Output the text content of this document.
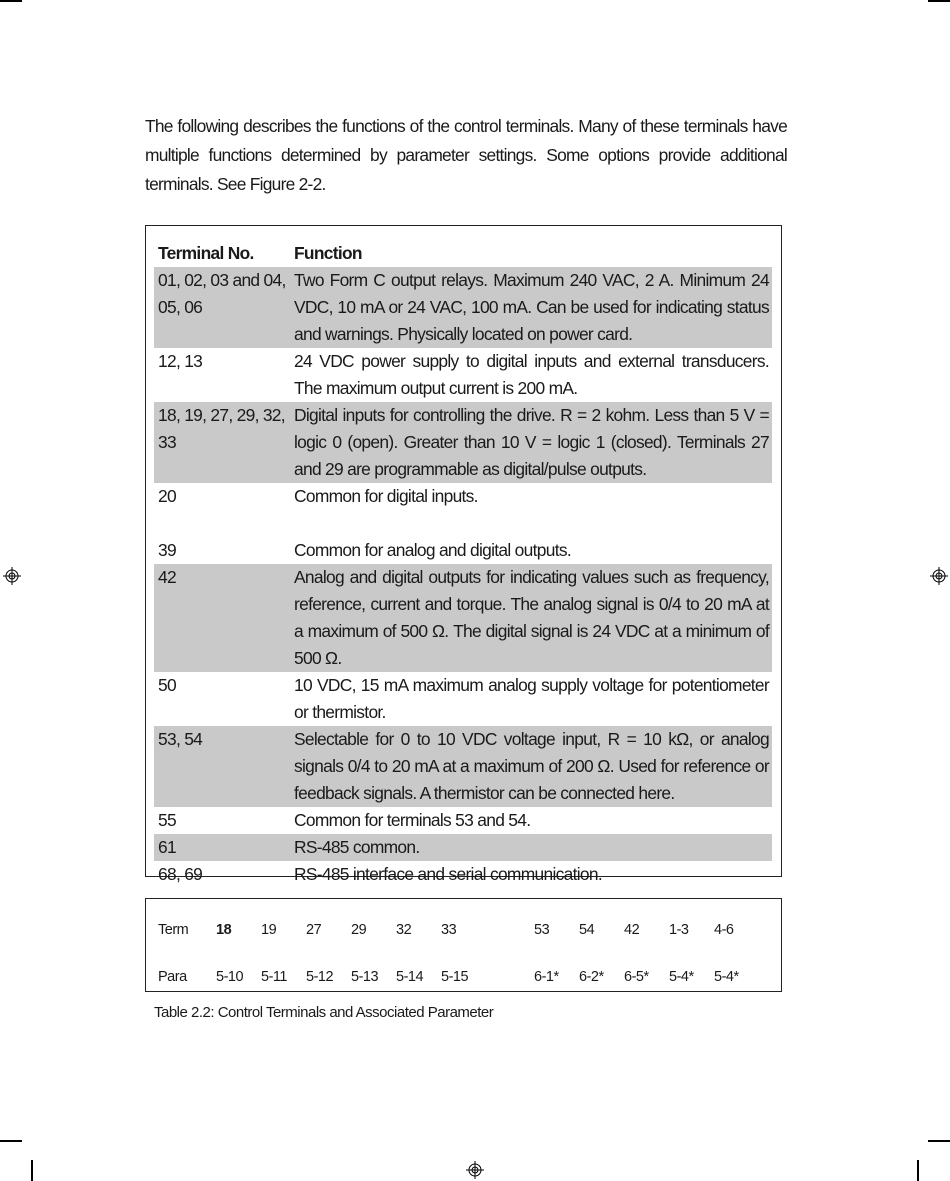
The following describes the functions of the control terminals. Many of these terminals have multiple functions determined by parameter settings. Some options provide additional terminals. See Figure 2-2.

Terminal No.	Function
01, 02, 03 and 04, 05, 06	Two Form C output relays. Maximum 240 VAC, 2 A. Minimum 24 VDC, 10 mA or 24 VAC, 100 mA. Can be used for indicating status and warnings. Physically located on power card.
12, 13	24 VDC power supply to digital inputs and external transducers. The maximum output current is 200 mA.
18, 19, 27, 29, 32, 33	Digital inputs for controlling the drive. R = 2 kohm. Less than 5 V = logic 0 (open). Greater than 10 V = logic 1 (closed). Terminals 27 and 29 are programmable as digital/pulse outputs.
20	Common for digital inputs.
39	Common for analog and digital outputs.
42	Analog and digital outputs for indicating values such as frequency, reference, current and torque. The analog signal is 0/4 to 20 mA at a maximum of 500 Ω. The digital signal is 24 VDC at a minimum of 500 Ω.
50	10 VDC, 15 mA maximum analog supply voltage for potentiometer or thermistor.
53, 54	Selectable for 0 to 10 VDC voltage input, R = 10 kΩ, or analog signals 0/4 to 20 mA at a maximum of 200 Ω. Used for reference or feedback signals. A thermistor can be connected here.
55	Common for terminals 53 and 54.
61	RS-485 common.
68, 69	RS-485 interface and serial communication.
Term	18	19	27	29	32	33		53	54	42	1-3	4-6
Para	5-10	5-11	5-12	5-13	5-14	5-15		6-1*	6-2*	6-5*	5-4*	5-4*
Table 2.2: Control Terminals and Associated Parameter
